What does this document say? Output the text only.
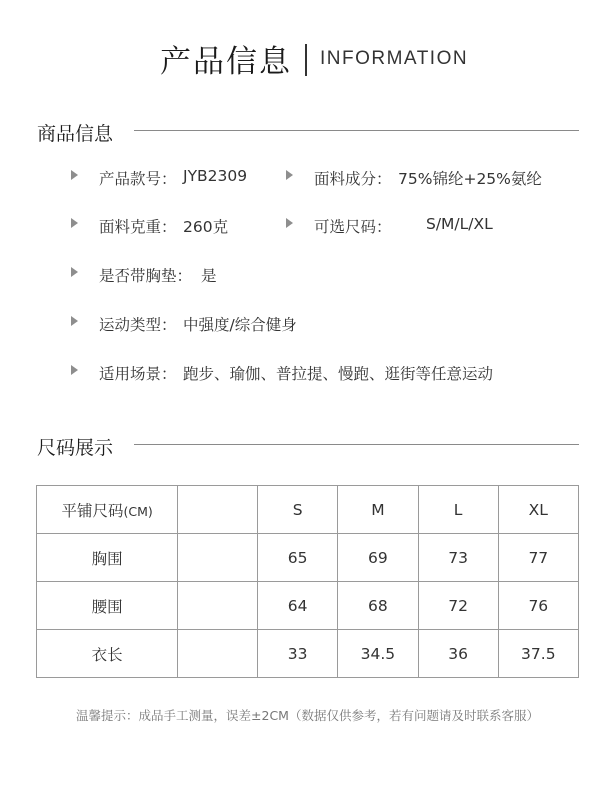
产品信息 INFORMATION
商品信息
产品款号： JYB2309	面料成分： 75%锦纶+25%氨纶
面料克重： 260克	可选尺码： S/M/L/XL
是否带胸垫： 是
运动类型： 中强度/综合健身
适用场景： 跑步、瑜伽、普拉提、慢跑、逛街等任意运动
尺码展示
平铺尺码(CM)		S	M	L	XL
胸围		65	69	73	77
腰围		64	68	72	76
衣长		33	34.5	36	37.5
温馨提示：成品手工测量，误差±2CM（数据仅供参考，若有问题请及时联系客服）
